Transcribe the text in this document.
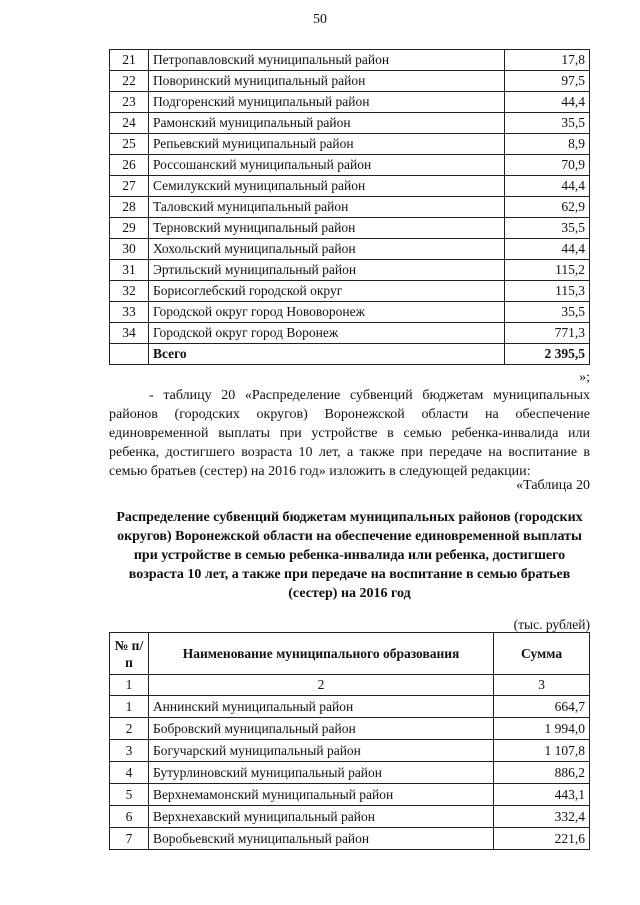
50
21	Петропавловский муниципальный район	17,8
22	Поворинский муниципальный район	97,5
23	Подгоренский муниципальный район	44,4
24	Рамонский муниципальный район	35,5
25	Репьевский муниципальный район	8,9
26	Россошанский муниципальный район	70,9
27	Семилукский муниципальный район	44,4
28	Таловский муниципальный район	62,9
29	Терновский муниципальный район	35,5
30	Хохольский муниципальный район	44,4
31	Эртильский муниципальный район	115,2
32	Борисоглебский городской округ	115,3
33	Городской округ город Нововоронеж	35,5
34	Городской округ город Воронеж	771,3
	Всего	2 395,5
»;

- таблицу 20 «Распределение субвенций бюджетам муниципальных районов (городских округов) Воронежской области на обеспечение единовременной выплаты при устройстве в семью ребенка-инвалида или ребенка, достигшего возраста 10 лет, а также при передаче на воспитание в семью братьев (сестер) на 2016 год» изложить в следующей редакции:

«Таблица 20

Распределение субвенций бюджетам муниципальных районов (городских округов) Воронежской области на обеспечение единовременной выплаты при устройстве в семью ребенка-инвалида или ребенка, достигшего возраста 10 лет, а также при передаче на воспитание в семью братьев (сестер) на 2016 год

(тыс. рублей)
№ п/п	Наименование муниципального образования	Сумма
1	2	3
1	Аннинский муниципальный район	664,7
2	Бобровский муниципальный район	1 994,0
3	Богучарский муниципальный район	1 107,8
4	Бутурлиновский муниципальный район	886,2
5	Верхнемамонский муниципальный район	443,1
6	Верхнехавский муниципальный район	332,4
7	Воробьевский муниципальный район	221,6
